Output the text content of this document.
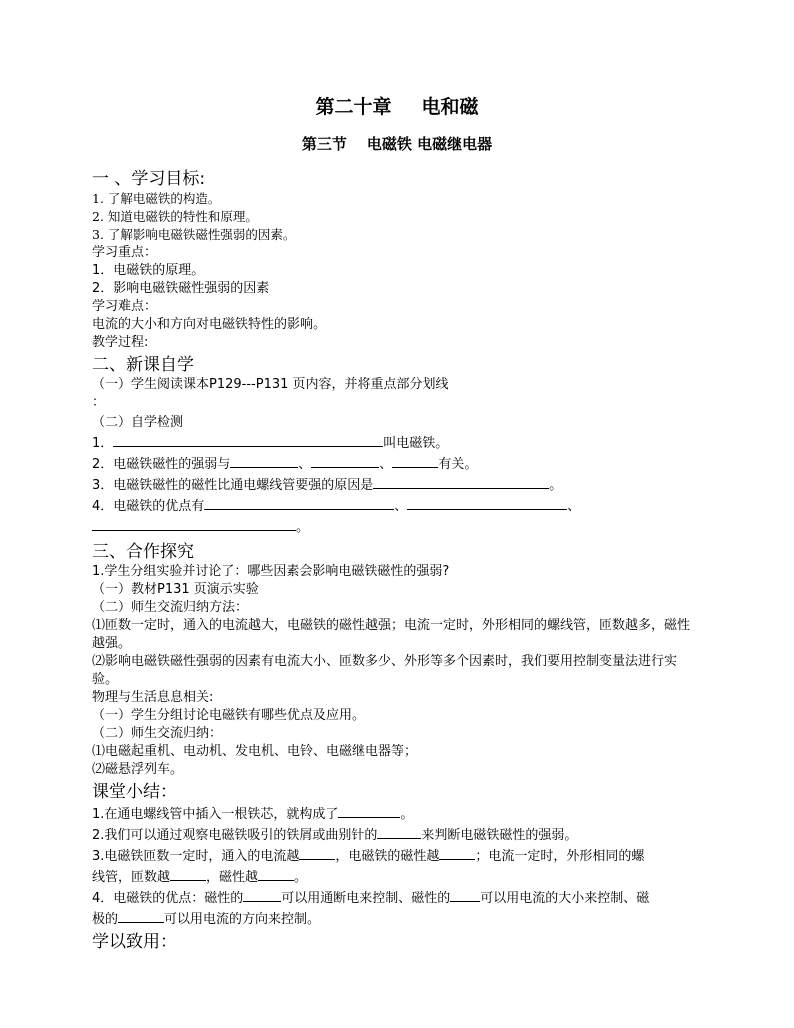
第二十章 电和磁
第三节 电磁铁 电磁继电器
一 、学习目标:
1. 了解电磁铁的构造。
2. 知道电磁铁的特性和原理。
3. 了解影响电磁铁磁性强弱的因素。
学习重点：
1．电磁铁的原理。
2．影响电磁铁磁性强弱的因素
学习难点：
电流的大小和方向对电磁铁特性的影响。
教学过程:
二、新课自学
（一）学生阅读课本P129---P131 页内容，并将重点部分划线
：
（二）自学检测
1．	叫电磁铁。
2．电磁铁磁性的强弱与	、	、	有关。
3．电磁铁磁性的磁性比通电螺线管要强的原因是	。
4．电磁铁的优点有	、	、
。
三、合作探究
1.学生分组实验并讨论了：哪些因素会影响电磁铁磁性的强弱?
（一）教材P131 页演示实验
（二）师生交流归纳方法：
⑴匝数一定时，通入的电流越大，电磁铁的磁性越强；电流一定时，外形相同的螺线管，匝数越多，磁性越强。
⑵影响电磁铁磁性强弱的因素有电流大小、匝数多少、外形等多个因素时，我们要用控制变量法进行实验。
物理与生活息息相关:
（一）学生分组讨论电磁铁有哪些优点及应用。
（二）师生交流归纳：
⑴电磁起重机、电动机、发电机、电铃、电磁继电器等；
⑵磁悬浮列车。
课堂小结：
1.在通电螺线管中插入一根铁芯，就构成了	。
2.我们可以通过观察电磁铁吸引的铁屑或曲别针的	来判断电磁铁磁性的强弱。
3.电磁铁匝数一定时，通入的电流越	，电磁铁的磁性越	；电流一定时，外形相同的螺
线管，匝数越	，磁性越	。
4．电磁铁的优点：磁性的	可以用通断电来控制、磁性的 可以用电流的大小来控制、磁
极的	可以用电流的方向来控制。
学以致用：
